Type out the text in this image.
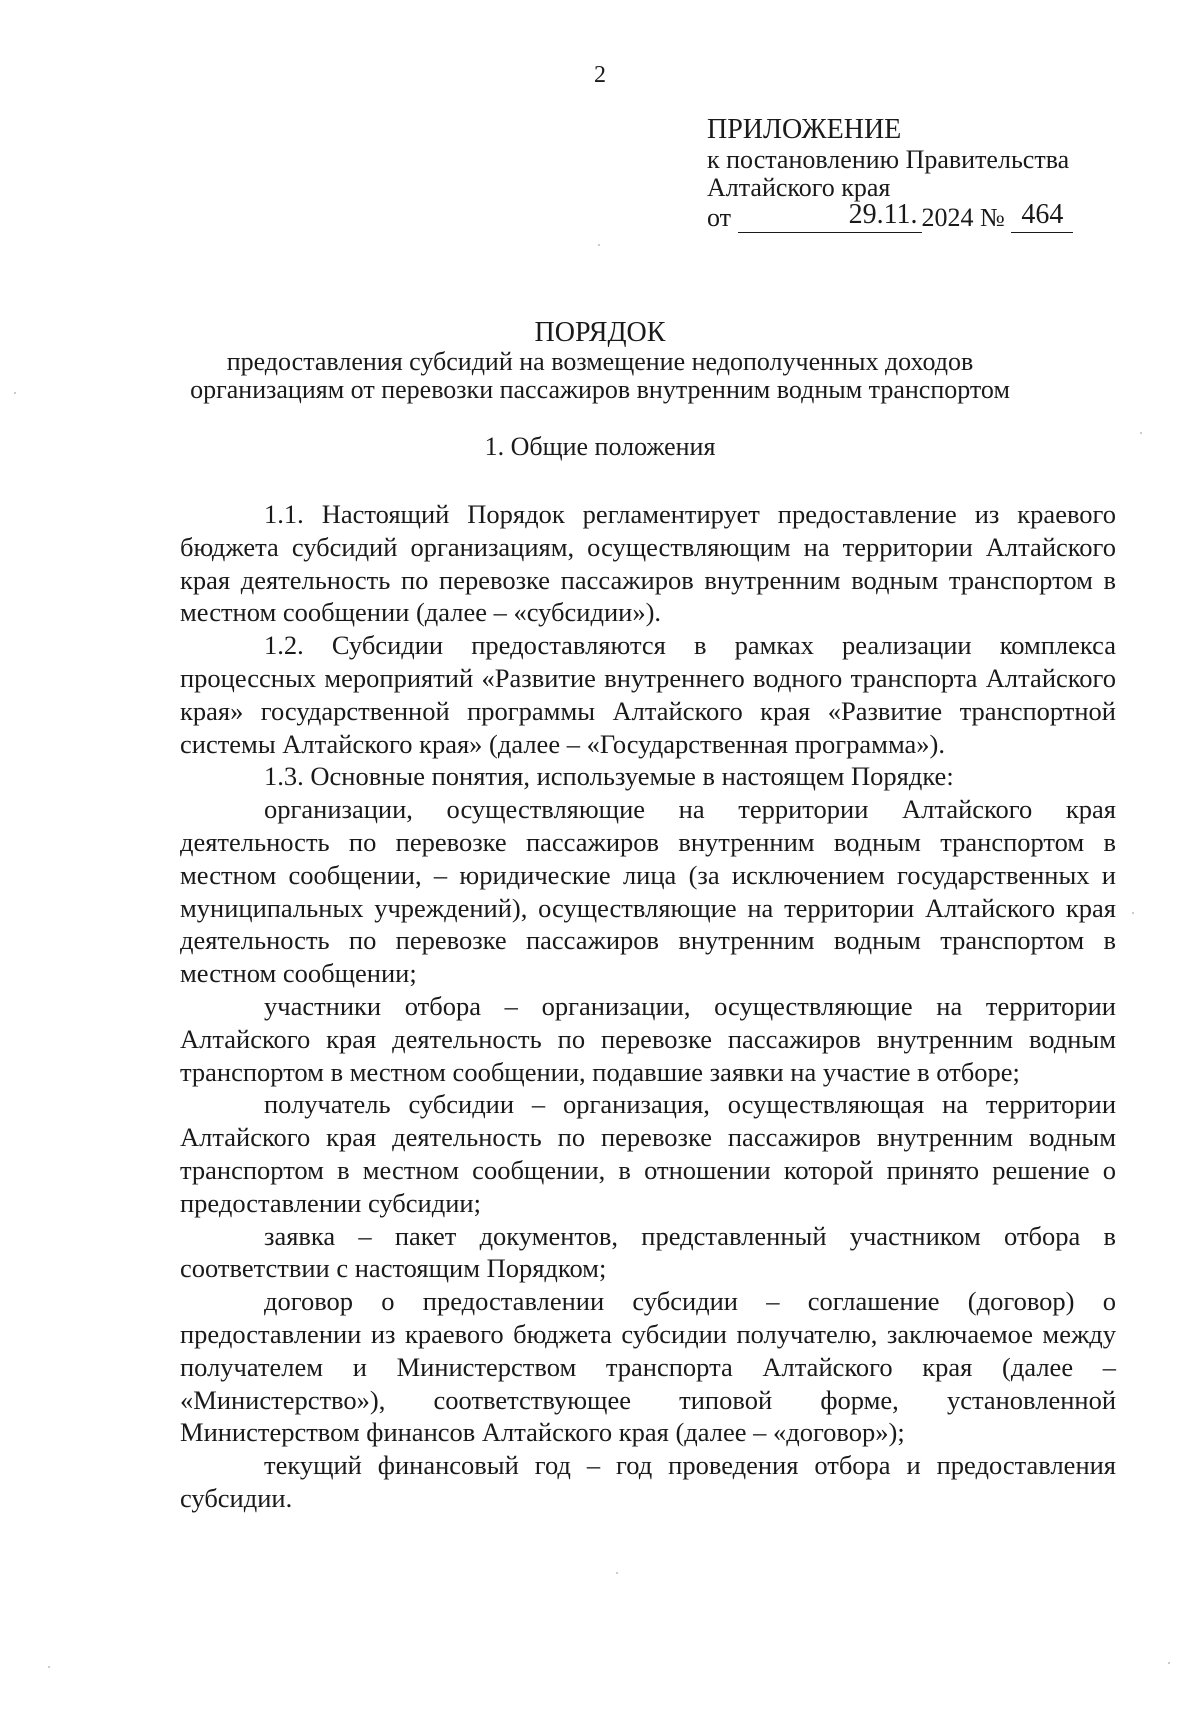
2
ПРИЛОЖЕНИЕ
к постановлению Правительства
Алтайского края
от	29.11. 2024 № 464
ПОРЯДОК
предоставления субсидий на возмещение недополученных доходов
организациям от перевозки пассажиров внутренним водным транспортом
1. Общие положения

1.1. Настоящий Порядок регламентирует предоставление из краевого бюджета субсидий организациям, осуществляющим на территории Алтайского края деятельность по перевозке пассажиров внутренним водным транспортом в местном сообщении (далее – «субсидии»).

1.2. Субсидии предоставляются в рамках реализации комплекса процессных мероприятий «Развитие внутреннего водного транспорта Алтайского края» государственной программы Алтайского края «Развитие транспортной системы Алтайского края» (далее – «Государственная программа»).

1.3. Основные понятия, используемые в настоящем Порядке:

организации, осуществляющие на территории Алтайского края деятельность по перевозке пассажиров внутренним водным транспортом в местном сообщении, – юридические лица (за исключением государственных и муниципальных учреждений), осуществляющие на территории Алтайского края деятельность по перевозке пассажиров внутренним водным транспортом в местном сообщении;

участники отбора – организации, осуществляющие на территории Алтайского края деятельность по перевозке пассажиров внутренним водным транспортом в местном сообщении, подавшие заявки на участие в отборе;

получатель субсидии – организация, осуществляющая на территории Алтайского края деятельность по перевозке пассажиров внутренним водным транспортом в местном сообщении, в отношении которой принято решение о предоставлении субсидии;

заявка – пакет документов, представленный участником отбора в соответствии с настоящим Порядком;

договор о предоставлении субсидии – соглашение (договор) о предоставлении из краевого бюджета субсидии получателю, заключаемое между получателем и Министерством транспорта Алтайского края (далее – «Министерство»), соответствующее типовой форме, установленной Министерством финансов Алтайского края (далее – «договор»);

текущий финансовый год – год проведения отбора и предоставления субсидии.
